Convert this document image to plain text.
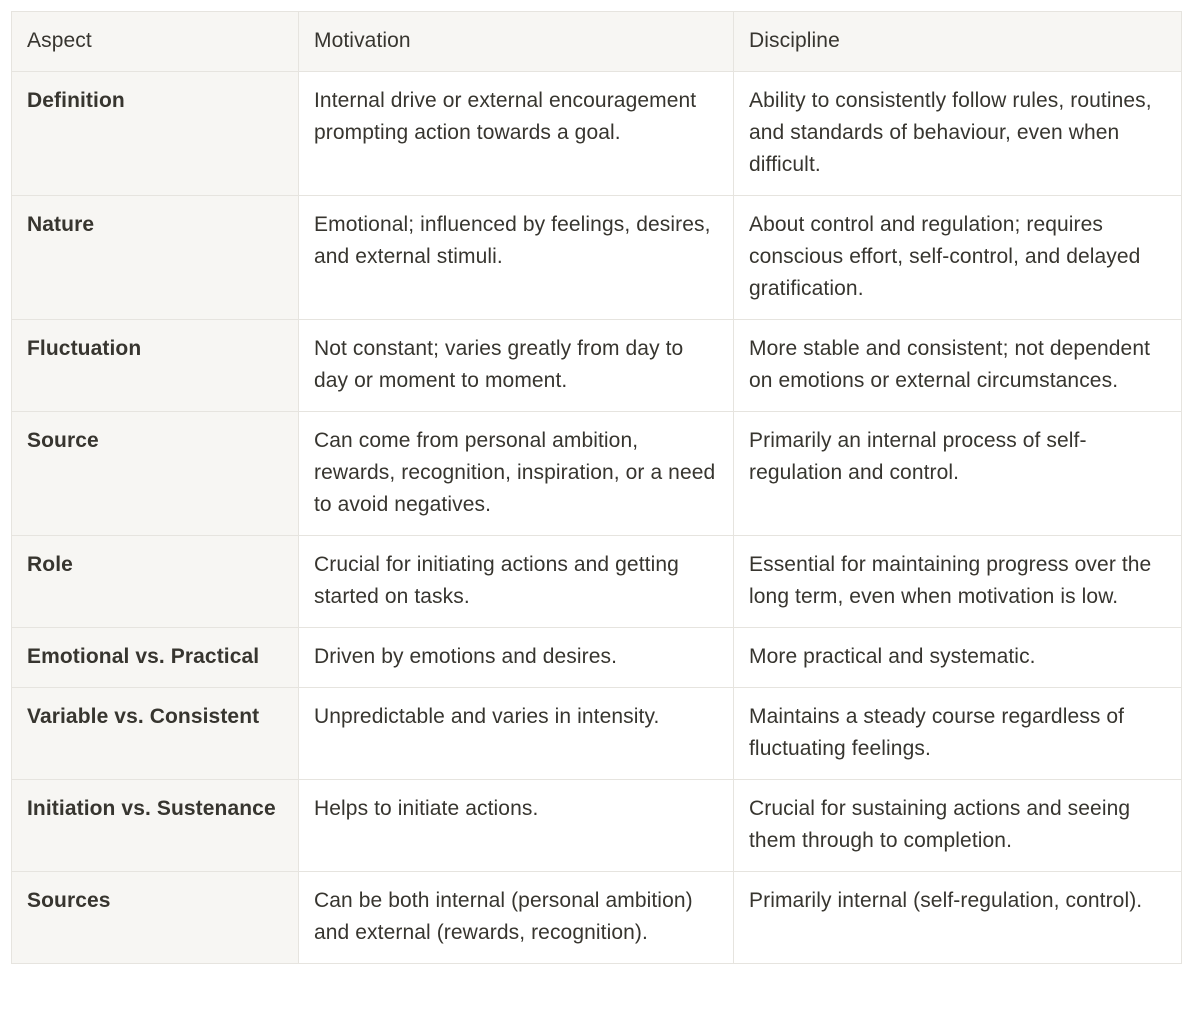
Aspect	Motivation	Discipline
Definition	Internal drive or external encouragement prompting action towards a goal.	Ability to consistently follow rules, routines, and standards of behaviour, even when difficult.
Nature	Emotional; influenced by feelings, desires, and external stimuli.	About control and regulation; requires conscious effort, self-control, and delayed gratification.
Fluctuation	Not constant; varies greatly from day to day or moment to moment.	More stable and consistent; not dependent on emotions or external circumstances.
Source	Can come from personal ambition, rewards, recognition, inspiration, or a need to avoid negatives.	Primarily an internal process of self-regulation and control.
Role	Crucial for initiating actions and getting started on tasks.	Essential for maintaining progress over the long term, even when motivation is low.
Emotional vs. Practical	Driven by emotions and desires.	More practical and systematic.
Variable vs. Consistent	Unpredictable and varies in intensity.	Maintains a steady course regardless of fluctuating feelings.
Initiation vs. Sustenance	Helps to initiate actions.	Crucial for sustaining actions and seeing them through to completion.
Sources	Can be both internal (personal ambition) and external (rewards, recognition).	Primarily internal (self-regulation, control).
